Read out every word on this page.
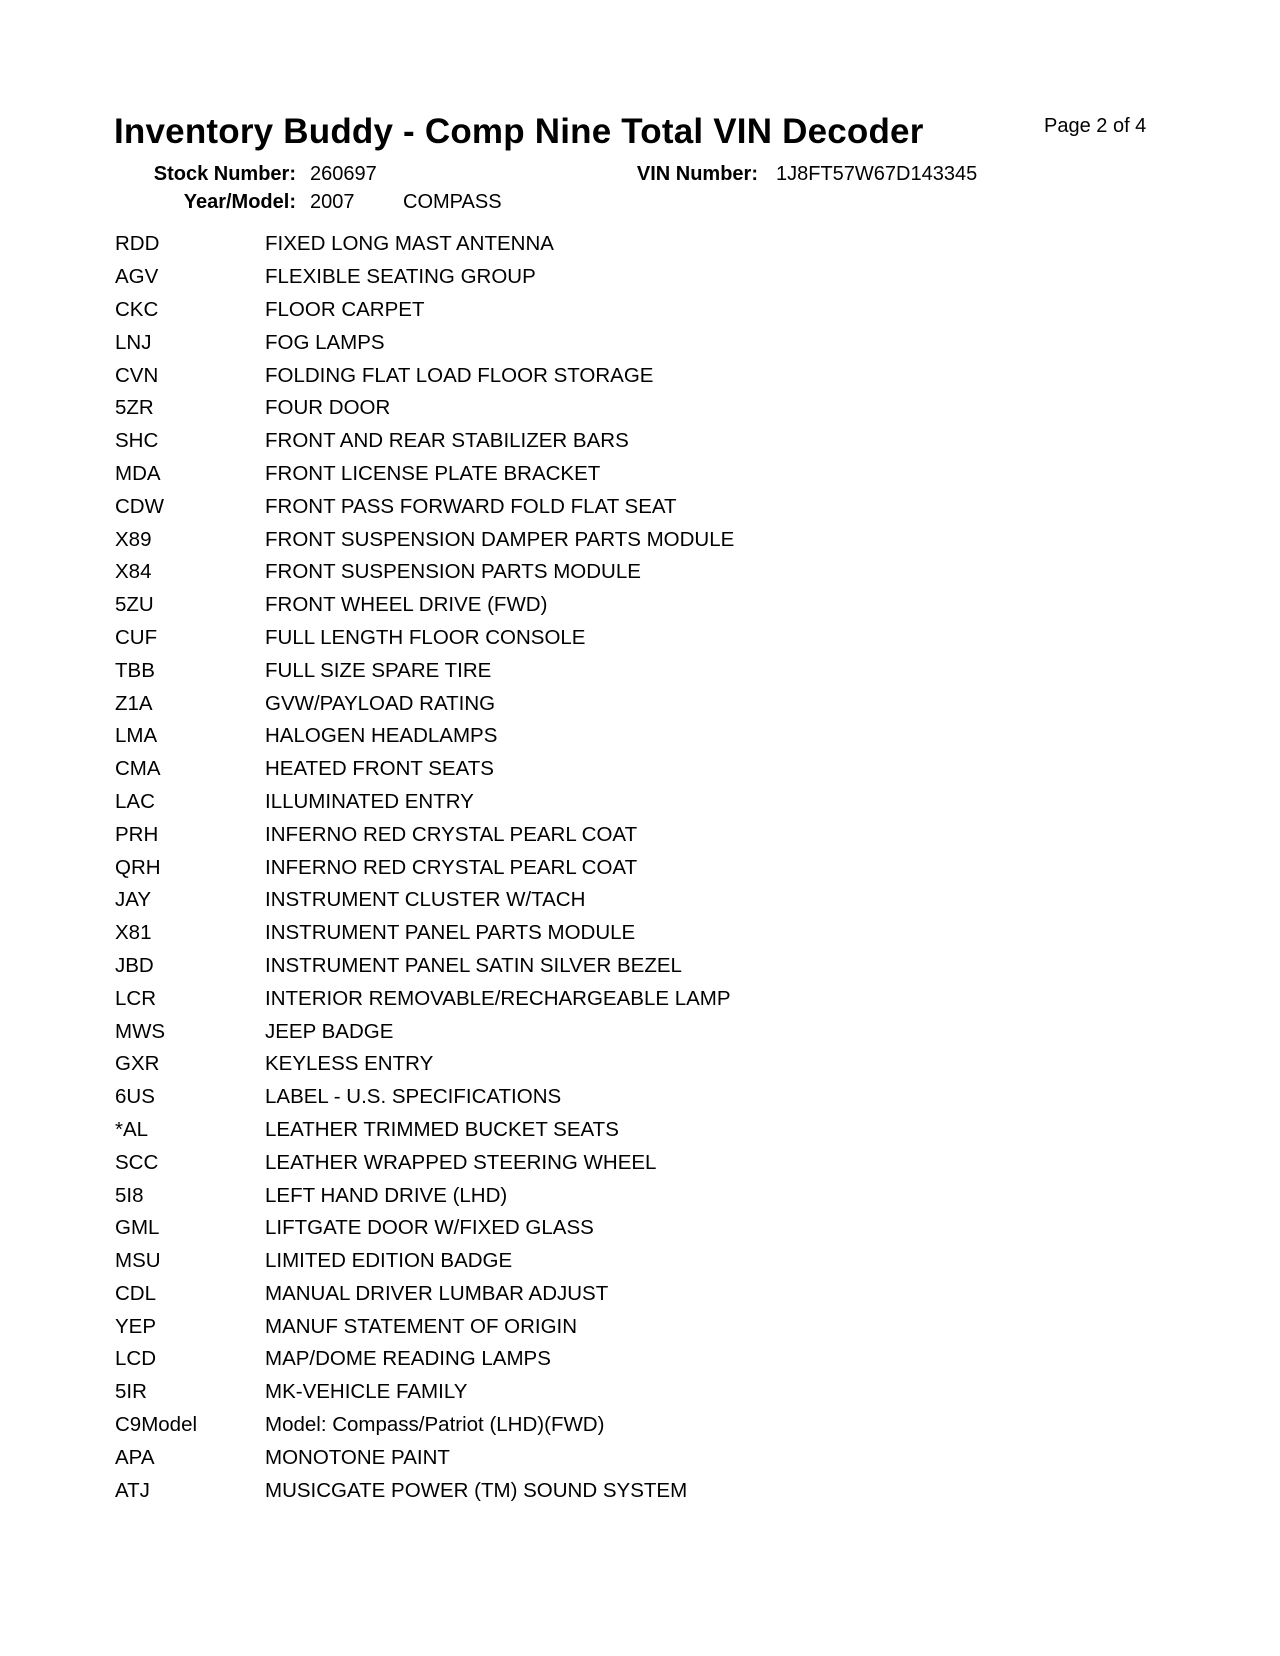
Inventory Buddy - Comp Nine Total VIN Decoder	Page 2 of 4
Stock Number: 260697	VIN Number: 1J8FT57W67D143345
Year/Model: 2007 COMPASS
RDD	FIXED LONG MAST ANTENNA
AGV	FLEXIBLE SEATING GROUP
CKC	FLOOR CARPET
LNJ	FOG LAMPS
CVN	FOLDING FLAT LOAD FLOOR STORAGE
5ZR	FOUR DOOR
SHC	FRONT AND REAR STABILIZER BARS
MDA	FRONT LICENSE PLATE BRACKET
CDW	FRONT PASS FORWARD FOLD FLAT SEAT
X89	FRONT SUSPENSION DAMPER PARTS MODULE
X84	FRONT SUSPENSION PARTS MODULE
5ZU	FRONT WHEEL DRIVE (FWD)
CUF	FULL LENGTH FLOOR CONSOLE
TBB	FULL SIZE SPARE TIRE
Z1A	GVW/PAYLOAD RATING
LMA	HALOGEN HEADLAMPS
CMA	HEATED FRONT SEATS
LAC	ILLUMINATED ENTRY
PRH	INFERNO RED CRYSTAL PEARL COAT
QRH	INFERNO RED CRYSTAL PEARL COAT
JAY	INSTRUMENT CLUSTER W/TACH
X81	INSTRUMENT PANEL PARTS MODULE
JBD	INSTRUMENT PANEL SATIN SILVER BEZEL
LCR	INTERIOR REMOVABLE/RECHARGEABLE LAMP
MWS	JEEP BADGE
GXR	KEYLESS ENTRY
6US	LABEL - U.S. SPECIFICATIONS
*AL	LEATHER TRIMMED BUCKET SEATS
SCC	LEATHER WRAPPED STEERING WHEEL
5I8	LEFT HAND DRIVE (LHD)
GML	LIFTGATE DOOR W/FIXED GLASS
MSU	LIMITED EDITION BADGE
CDL	MANUAL DRIVER LUMBAR ADJUST
YEP	MANUF STATEMENT OF ORIGIN
LCD	MAP/DOME READING LAMPS
5IR	MK-VEHICLE FAMILY
C9Model	Model: Compass/Patriot (LHD)(FWD)
APA	MONOTONE PAINT
ATJ	MUSICGATE POWER (TM) SOUND SYSTEM
